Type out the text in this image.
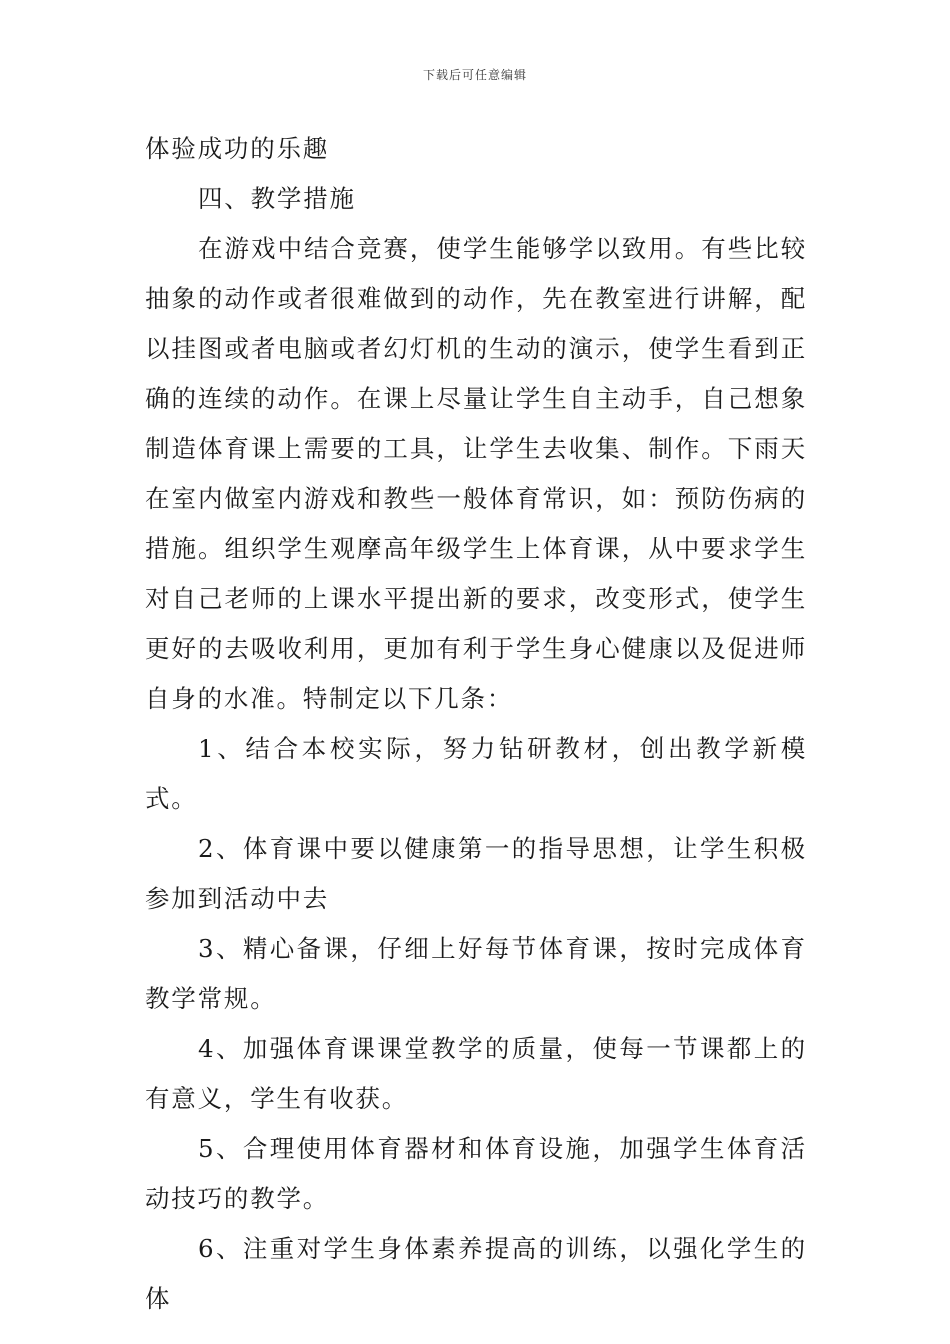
下载后可任意编辑

体验成功的乐趣

四、教学措施

在游戏中结合竞赛，使学生能够学以致用。有些比较抽象的动作或者很难做到的动作，先在教室进行讲解，配以挂图或者电脑或者幻灯机的生动的演示，使学生看到正确的连续的动作。在课上尽量让学生自主动手，自己想象制造体育课上需要的工具，让学生去收集、制作。下雨天在室内做室内游戏和教些一般体育常识，如：预防伤病的措施。组织学生观摩高年级学生上体育课，从中要求学生对自己老师的上课水平提出新的要求，改变形式，使学生更好的去吸收利用，更加有利于学生身心健康以及促进师自身的水准。特制定以下几条：

1、结合本校实际，努力钻研教材，创出教学新模式。

2、体育课中要以健康第一的指导思想，让学生积极参加到活动中去

3、精心备课，仔细上好每节体育课，按时完成体育教学常规。

4、加强体育课课堂教学的质量，使每一节课都上的有意义，学生有收获。

5、合理使用体育器材和体育设施，加强学生体育活动技巧的教学。

6、注重对学生身体素养提高的训练，以强化学生的体
